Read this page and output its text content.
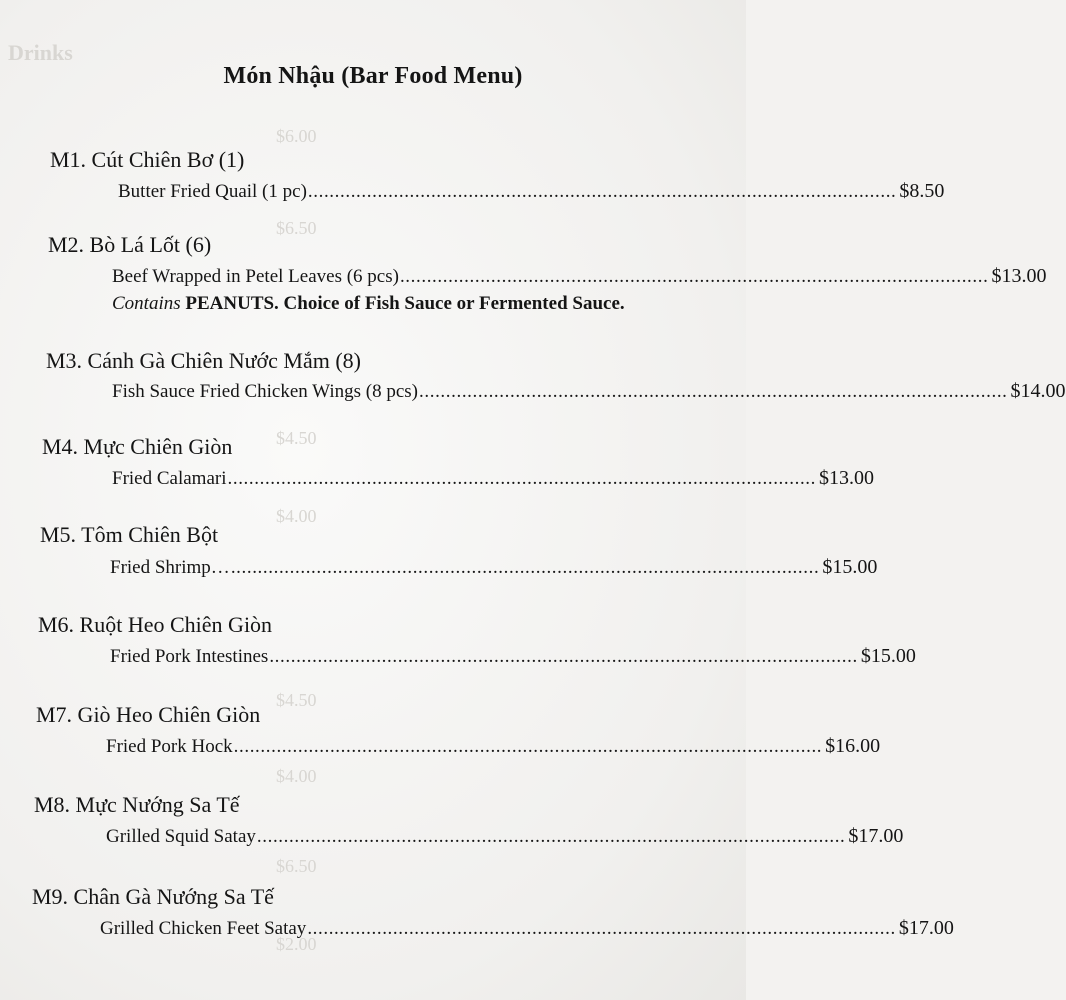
Drinks
$6.00
$6.50
$4.50
$4.00
$4.50
$4.00
$6.50
$2.00
Món Nhậu (Bar Food Menu)
M1. Cút Chiên Bơ (1)
Butter Fried Quail (1 pc) .............................................................................................................. $8.50
M2. Bò Lá Lốt (6)
Beef Wrapped in Petel Leaves (6 pcs) .............................................................................................................. $13.00
Contains PEANUTS. Choice of Fish Sauce or Fermented Sauce.
M3. Cánh Gà Chiên Nước Mắm (8)
Fish Sauce Fried Chicken Wings (8 pcs) .............................................................................................................. $14.00
M4. Mực Chiên Giòn
Fried Calamari .............................................................................................................. $13.00
M5. Tôm Chiên Bột
Fried Shrimp… .............................................................................................................. $15.00
M6. Ruột Heo Chiên Giòn
Fried Pork Intestines .............................................................................................................. $15.00
M7. Giò Heo Chiên Giòn
Fried Pork Hock .............................................................................................................. $16.00
M8. Mực Nướng Sa Tế
Grilled Squid Satay .............................................................................................................. $17.00
M9. Chân Gà Nướng Sa Tế
Grilled Chicken Feet Satay .............................................................................................................. $17.00
